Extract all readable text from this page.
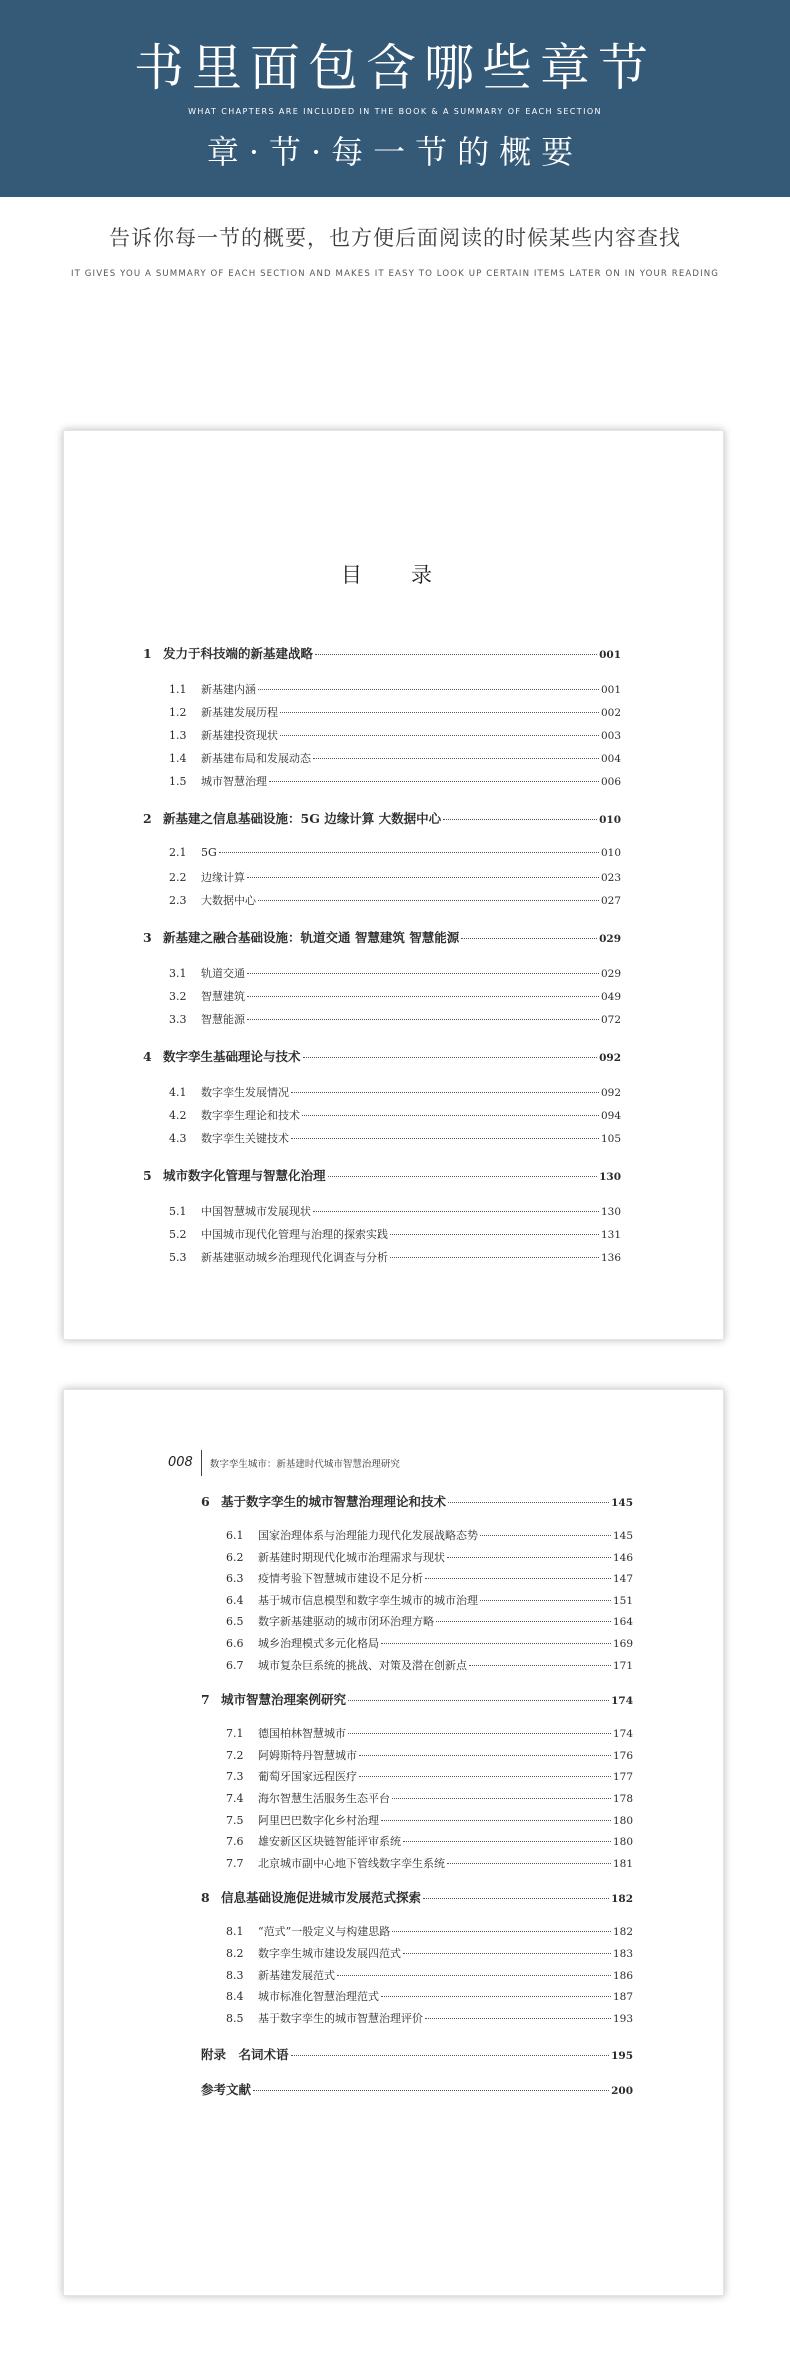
书里面包含哪些章节
WHAT CHAPTERS ARE INCLUDED IN THE BOOK & A SUMMARY OF EACH SECTION
章·节·每一节的概要
告诉你每一节的概要，也方便后面阅读的时候某些内容查找
IT GIVES YOU A SUMMARY OF EACH SECTION AND MAKES IT EASY TO LOOK UP CERTAIN ITEMS LATER ON IN YOUR READING
目　录
1 发力于科技端的新基建战略	001
1.1 新基建内涵	001
1.2 新基建发展历程	002
1.3 新基建投资现状	003
1.4 新基建布局和发展动态	004
1.5 城市智慧治理	006
2 新基建之信息基础设施：5G 边缘计算 大数据中心	010
2.1 5G	010
2.2 边缘计算	023
2.3 大数据中心	027
3 新基建之融合基础设施：轨道交通 智慧建筑 智慧能源	029
3.1 轨道交通	029
3.2 智慧建筑	049
3.3 智慧能源	072
4 数字孪生基础理论与技术	092
4.1 数字孪生发展情况	092
4.2 数字孪生理论和技术	094
4.3 数字孪生关键技术	105
5 城市数字化管理与智慧化治理	130
5.1 中国智慧城市发展现状	130
5.2 中国城市现代化管理与治理的探索实践	131
5.3 新基建驱动城乡治理现代化调查与分析	136
008	数字孪生城市：新基建时代城市智慧治理研究
6 基于数字孪生的城市智慧治理理论和技术	145
6.1 国家治理体系与治理能力现代化发展战略态势	145
6.2 新基建时期现代化城市治理需求与现状	146
6.3 疫情考验下智慧城市建设不足分析	147
6.4 基于城市信息模型和数字孪生城市的城市治理	151
6.5 数字新基建驱动的城市闭环治理方略	164
6.6 城乡治理模式多元化格局	169
6.7 城市复杂巨系统的挑战、对策及潜在创新点	171
7 城市智慧治理案例研究	174
7.1 德国柏林智慧城市	174
7.2 阿姆斯特丹智慧城市	176
7.3 葡萄牙国家远程医疗	177
7.4 海尔智慧生活服务生态平台	178
7.5 阿里巴巴数字化乡村治理	180
7.6 雄安新区区块链智能评审系统	180
7.7 北京城市副中心地下管线数字孪生系统	181
8 信息基础设施促进城市发展范式探索	182
8.1 “范式”一般定义与构建思路	182
8.2 数字孪生城市建设发展四范式	183
8.3 新基建发展范式	186
8.4 城市标准化智慧治理范式	187
8.5 基于数字孪生的城市智慧治理评价	193
附录　名词术语	195
参考文献	200
